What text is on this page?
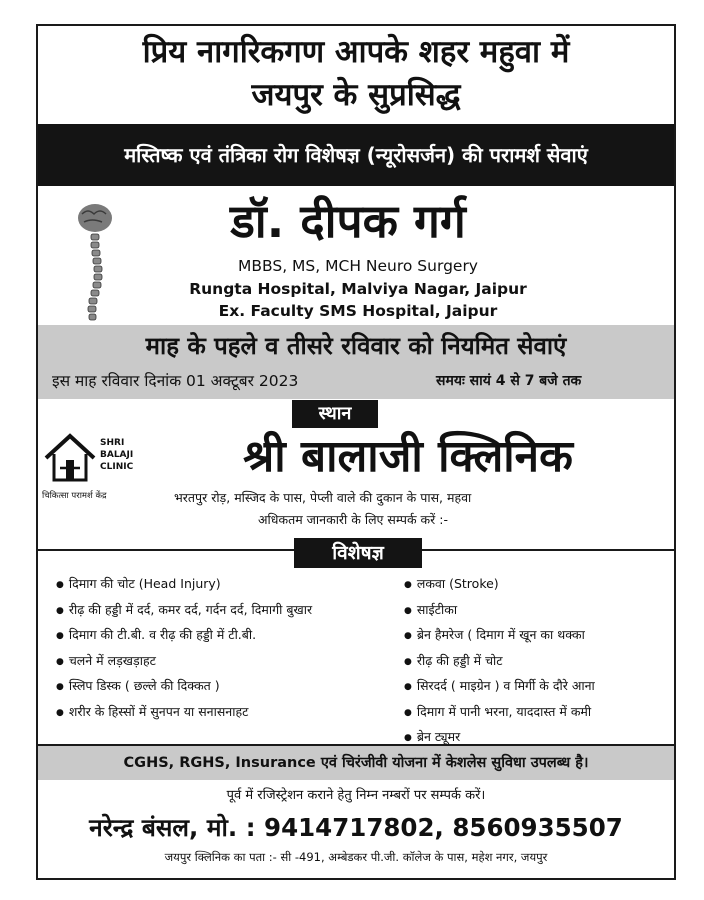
प्रिय नागरिकगण आपके शहर महुवा में
जयपुर के सुप्रसिद्ध
मस्तिष्क एवं तंत्रिका रोग विशेषज्ञ (न्यूरोसर्जन) की परामर्श सेवाएं
डॉ. दीपक गर्ग
MBBS, MS, MCH Neuro Surgery
Rungta Hospital, Malviya Nagar, Jaipur
Ex. Faculty SMS Hospital, Jaipur
माह के पहले व तीसरे रविवार को नियमित सेवाएं
इस माह रविवार दिनांक 01 अक्टूबर 2023	समयः सायं 4 से 7 बजे तक
स्थान
SHRI
BALAJI
CLINIC
चिकित्सा परामर्श केंद्र
श्री बालाजी क्लिनिक
भरतपुर रोड़, मस्जिद के पास, पेप्ली वाले की दुकान के पास, महवा
अधिकतम जानकारी के लिए सम्पर्क करें :-
विशेषज्ञ
● दिमाग की चोट (Head Injury)
● रीढ़ की हड्डी में दर्द, कमर दर्द, गर्दन दर्द, दिमागी बुखार
● दिमाग की टी.बी. व रीढ़ की हड्डी में टी.बी.
● चलने में लड़खड़ाहट
● स्लिप डिस्क ( छल्ले की दिक्कत )
● शरीर के हिस्सों में सुनपन या सनासनाहट
● लकवा (Stroke)
● साईटीका
● ब्रेन हैमरेज ( दिमाग में खून का थक्का
● रीढ़ की हड्डी में चोट
● सिरदर्द ( माइग्रेन ) व मिर्गी के दौरे आना
● दिमाग में पानी भरना, याददास्त में कमी
● ब्रेन ट्यूमर
CGHS, RGHS, Insurance एवं चिरंजीवी योजना में केशलेस सुविधा उपलब्ध है।
पूर्व में रजिस्ट्रेशन कराने हेतु निम्न नम्बरों पर सम्पर्क करें।
नरेन्द्र बंसल, मो. : 9414717802, 8560935507
जयपुर क्लिनिक का पता :- सी -491, अम्बेडकर पी.जी. कॉलेज के पास, महेश नगर, जयपुर
